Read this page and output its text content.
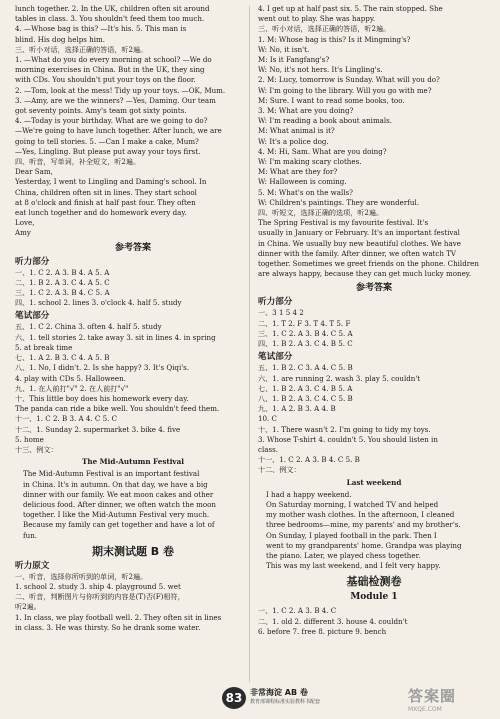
lunch together. 2. In the UK, children often sit around
tables in class. 3. You shouldn't feed them too much.
4. —Whose bag is this? —It's his. 5. This man is
blind. His dog helps him.
三、听小对话，选择正确的答语，听2遍。
1. —What do you do every morning at school? —We do
morning exercises in China. But in the UK, they sing
with CDs. You shouldn't put your toys on the floor.
2. —Tom, look at the mess! Tidy up your toys. —OK, Mum.
3. —Amy, are we the winners? —Yes, Daming. Our team
got seventy points. Amy's team got sixty points.
4. —Today is your birthday. What are we going to do?
—We're going to have lunch together. After lunch, we are
going to tell stories. 5. —Can I make a cake, Mum?
—Yes, Lingling. But please put away your toys first.
四、听音，写单词，补全短文，听2遍。
Dear Sam,
Yesterday, I went to Lingling and Daming's school. In
China, children often sit in lines. They start school
at 8 o'clock and finish at half past four. They often
eat lunch together and do homework every day.
Love,
Amy
参考答案
听力部分
一、1. C 2. A 3. B 4. A 5. A
二、1. B 2. A 3. C 4. A 5. C
三、1. C 2. A 3. B 4. C 5. A
四、1. school 2. lines 3. o'clock 4. half 5. study
笔试部分
五、1. C 2. China 3. often 4. half 5. study
六、1. tell stories 2. take away 3. sit in lines 4. in spring
5. at break time
七、1. A 2. B 3. C 4. A 5. B
八、1. No, I didn't. 2. Is she happy? 3. It's Qiqi's.
4. play with CDs 5. Halloween.
九、1. 在人前打"√" 2. 在人前打"√"
十、This little boy does his homework every day.
The panda can ride a bike well. You shouldn't feed them.
十一、1. C 2. B 3. A 4. C 5. C
十二、1. Sunday 2. supermarket 3. bike 4. five
5. home
十三、例文：
The Mid-Autumn Festival
The Mid-Autumn Festival is an important festival
in China. It's in autumn. On that day, we have a big
dinner with our family. We eat moon cakes and other
delicious food. After dinner, we often watch the moon
together. I like the Mid-Autumn Festival very much.
Because my family can get together and have a lot of
fun.
期末测试题 B 卷
听力原文
一、听音，选择你所听到的单词，听2遍。
1. school 2. study 3. ship 4. playground 5. wet
二、听音，判断图片与你听到的内容是(T)否(F)相符，
听2遍。
1. In class, we play football well. 2. They often sit in lines
in class. 3. He was thirsty. So he drank some water.
4. I get up at half past six. 5. The rain stopped. She
went out to play. She was happy.
三、听小对话，选择正确的答语，听2遍。
1. M: Whose bag is this? Is it Mingming's?
W: No, it isn't.
M: Is it Fangfang's?
W: No, it's not hers. It's Lingling's.
2. M: Lucy, tomorrow is Sunday. What will you do?
W: I'm going to the library. Will you go with me?
M: Sure. I want to read some books, too.
3. M: What are you doing?
W: I'm reading a book about animals.
M: What animal is it?
W: It's a police dog.
4. M: Hi, Sam. What are you doing?
W: I'm making scary clothes.
M: What are they for?
W: Halloween is coming.
5. M: What's on the walls?
W: Children's paintings. They are wonderful.
四、听短文，选择正确的选项，听2遍。
The Spring Festival is my favourite festival. It's
usually in January or February. It's an important festival
in China. We usually buy new beautiful clothes. We have
dinner with the family. After dinner, we often watch TV
together. Sometimes we greet friends on the phone. Children
are always happy, because they can get much lucky money.
参考答案
听力部分
一、3 1 5 4 2
二、1. T 2. F 3. T 4. T 5. F
三、1. C 2. A 3. B 4. C 5. A
四、1. B 2. A 3. C 4. B 5. C
笔试部分
五、1. B 2. C 3. A 4. C 5. B
六、1. are running 2. wash 3. play 5. couldn't
七、1. B 2. A 3. C 4. B 5. A
八、1. B 2. A 3. C 4. C 5. B
九、1. A 2. B 3. A 4. B
10. C
十、1. There wasn't 2. I'm going to tidy my toys.
3. Whose T-shirt 4. couldn't 5. You should listen in
class.
十一、1. C 2. A 3. B 4. C 5. B
十二、例文：
Last weekend
I had a happy weekend.
On Saturday morning, I watched TV and helped
my mother wash clothes. In the afternoon, I cleaned
three bedrooms—mine, my parents' and my brother's.
On Sunday, I played football in the park. Then I
went to my grandparents' home. Grandpa was playing
the piano. Later, we played chess together.
This was my last weekend, and I felt very happy.
基础检测卷
Module 1
一、1. C 2. A 3. B 4. C
二、1. old 2. different 3. house 4. couldn't
6. before 7. free 8. picture 9. bench
83 非常海淀 AB 卷
教育部课程标准实验教科书配套	答案圈
MXQE.COM
